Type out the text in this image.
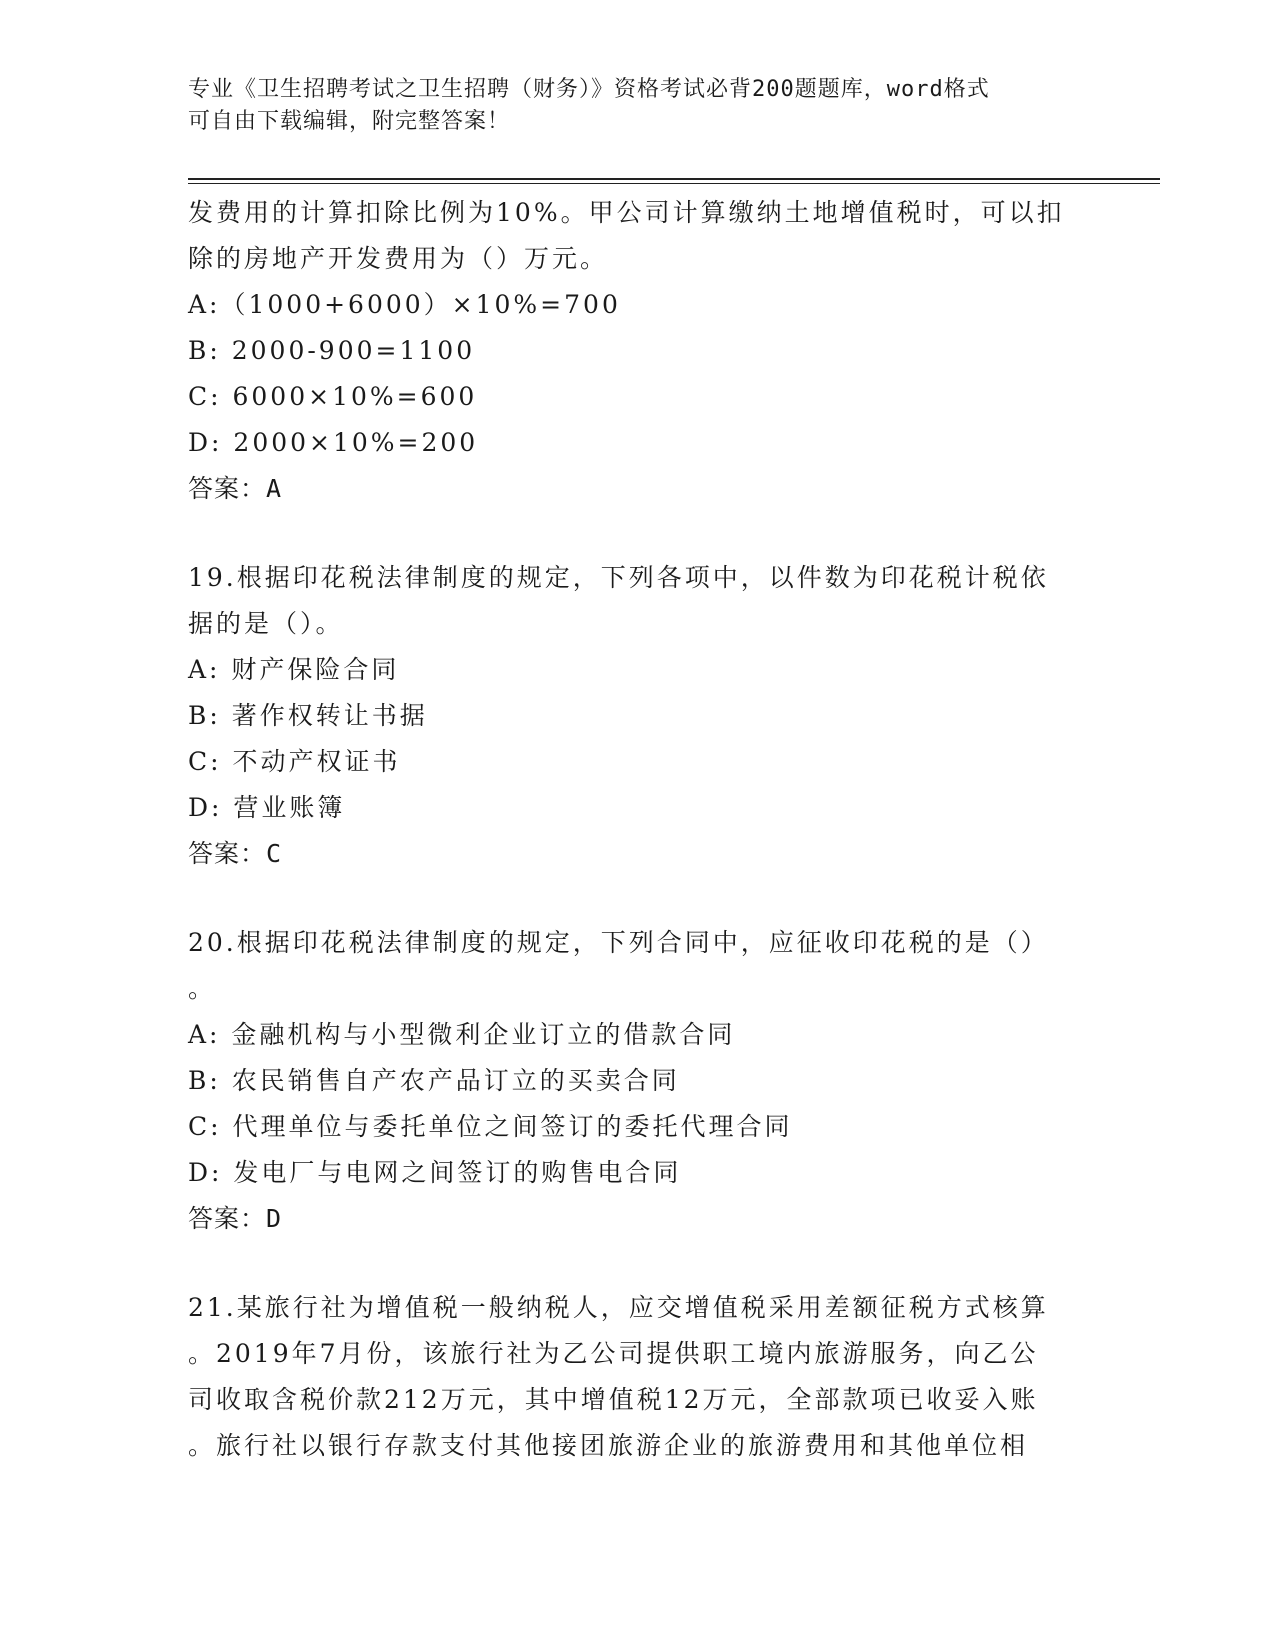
专业《卫生招聘考试之卫生招聘（财务）》资格考试必背200题题库，word格式
可自由下载编辑，附完整答案！
发费用的计算扣除比例为10%。甲公司计算缴纳土地增值税时，可以扣
除的房地产开发费用为（）万元。
A:（1000+6000）×10%=700
B: 2000-900=1100
C: 6000×10%=600
D: 2000×10%=200
答案：A
19.根据印花税法律制度的规定，下列各项中，以件数为印花税计税依
据的是（）。
A: 财产保险合同
B: 著作权转让书据
C: 不动产权证书
D: 营业账簿
答案：C
20.根据印花税法律制度的规定，下列合同中，应征收印花税的是（）
。
A: 金融机构与小型微利企业订立的借款合同
B: 农民销售自产农产品订立的买卖合同
C: 代理单位与委托单位之间签订的委托代理合同
D: 发电厂与电网之间签订的购售电合同
答案：D
21.某旅行社为增值税一般纳税人，应交增值税采用差额征税方式核算
。2019年7月份，该旅行社为乙公司提供职工境内旅游服务，向乙公
司收取含税价款212万元，其中增值税12万元，全部款项已收妥入账
。旅行社以银行存款支付其他接团旅游企业的旅游费用和其他单位相
